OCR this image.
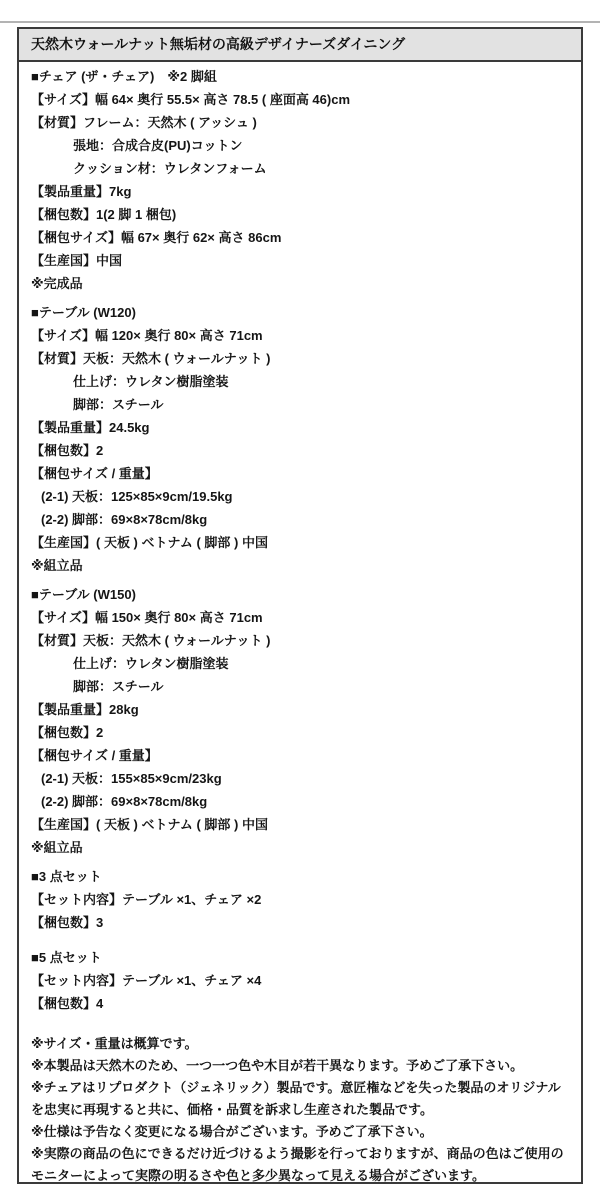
天然木ウォールナット無垢材の高級デザイナーズダイニング
■チェア (ザ・チェア)　※2 脚組
【サイズ】幅 64× 奥行 55.5× 高さ 78.5 ( 座面高 46)cm
【材質】フレーム：天然木 ( アッシュ )
張地：合成合皮(PU)コットン
クッション材：ウレタンフォーム
【製品重量】7kg
【梱包数】1(2 脚 1 梱包)
【梱包サイズ】幅 67× 奥行 62× 高さ 86cm
【生産国】中国
※完成品
■テーブル (W120)
【サイズ】幅 120× 奥行 80× 高さ 71cm
【材質】天板：天然木 ( ウォールナット )
仕上げ：ウレタン樹脂塗装
脚部：スチール
【製品重量】24.5kg
【梱包数】2
【梱包サイズ / 重量】
(2-1) 天板：125×85×9cm/19.5kg
(2-2) 脚部：69×8×78cm/8kg
【生産国】( 天板 ) ベトナム ( 脚部 ) 中国
※組立品
■テーブル (W150)
【サイズ】幅 150× 奥行 80× 高さ 71cm
【材質】天板：天然木 ( ウォールナット )
仕上げ：ウレタン樹脂塗装
脚部：スチール
【製品重量】28kg
【梱包数】2
【梱包サイズ / 重量】
(2-1) 天板：155×85×9cm/23kg
(2-2) 脚部：69×8×78cm/8kg
【生産国】( 天板 ) ベトナム ( 脚部 ) 中国
※組立品
■3 点セット
【セット内容】テーブル ×1、チェア ×2
【梱包数】3
■5 点セット
【セット内容】テーブル ×1、チェア ×4
【梱包数】4
※サイズ・重量は概算です。
※本製品は天然木のため、一つ一つ色や木目が若干異なります。予めご了承下さい。
※チェアはリプロダクト（ジェネリック）製品です。意匠権などを失った製品のオリジナルを忠実に再現すると共に、価格・品質を訴求し生産された製品です。
※仕様は予告なく変更になる場合がございます。予めご了承下さい。
※実際の商品の色にできるだけ近づけるよう撮影を行っておりますが、商品の色はご使用のモニターによって実際の明るさや色と多少異なって見える場合がございます。
